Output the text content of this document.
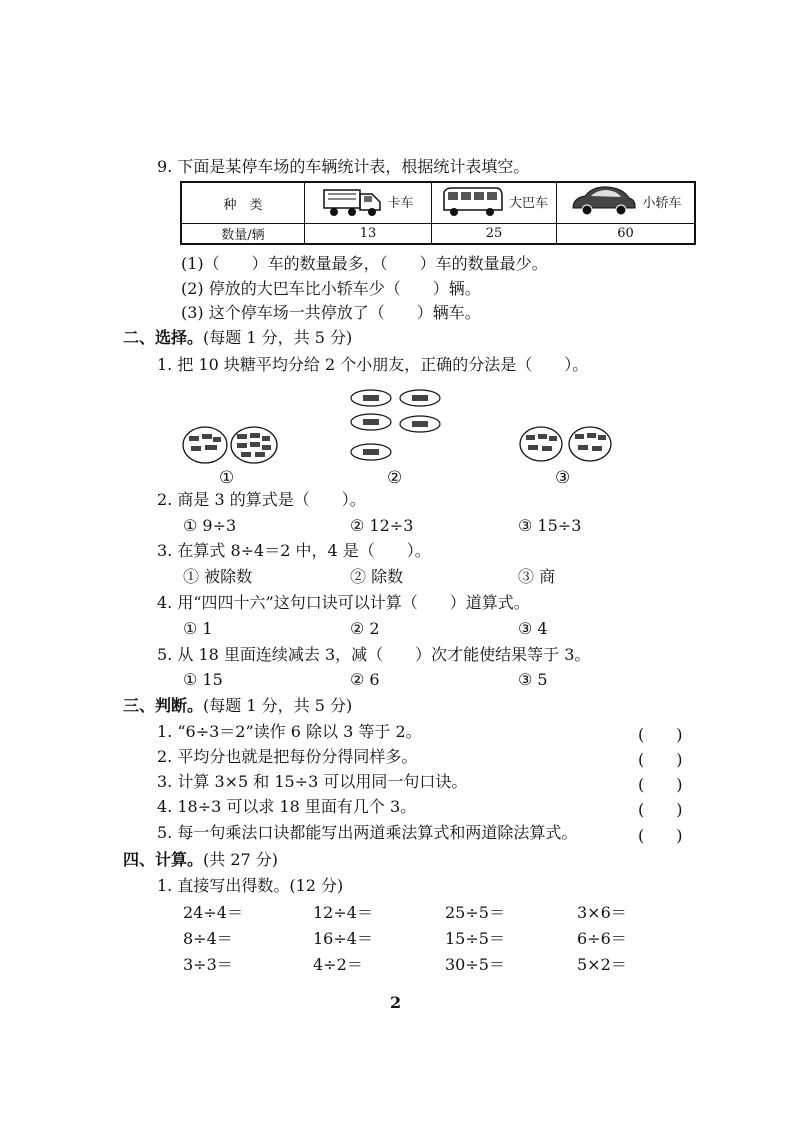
9. 下面是某停车场的车辆统计表，根据统计表填空。
种　类	卡车	大巴车	小轿车

数量/辆	13	25	60
(1)（　　）车的数量最多，（　　）车的数量最少。
(2) 停放的大巴车比小轿车少（　　）辆。
(3) 这个停车场一共停放了（　　）辆车。
二、选择。(每题 1 分，共 5 分)
1. 把 10 块糖平均分给 2 个小朋友，正确的分法是（　　）。
①	②	③
2. 商是 3 的算式是（　　）。
① 9÷3	② 12÷3	③ 15÷3
3. 在算式 8÷4＝2 中，4 是（　　）。
① 被除数	② 除数	③ 商
4. 用“四四十六”这句口诀可以计算（　　）道算式。
① 1	② 2	③ 4
5. 从 18 里面连续减去 3，减（　　）次才能使结果等于 3。
① 15	② 6	③ 5
三、判断。(每题 1 分，共 5 分)
1. “6÷3＝2”读作 6 除以 3 等于 2。	(　　)
2. 平均分也就是把每份分得同样多。	(　　)
3. 计算 3×5 和 15÷3 可以用同一句口诀。	(　　)
4. 18÷3 可以求 18 里面有几个 3。	(　　)
5. 每一句乘法口诀都能写出两道乘法算式和两道除法算式。	(　　)
四、计算。(共 27 分)
1. 直接写出得数。(12 分)
24÷4＝	12÷4＝	25÷5＝	3×6＝
8÷4＝	16÷4＝	15÷5＝	6÷6＝
3÷3＝	4÷2＝	30÷5＝	5×2＝
2
